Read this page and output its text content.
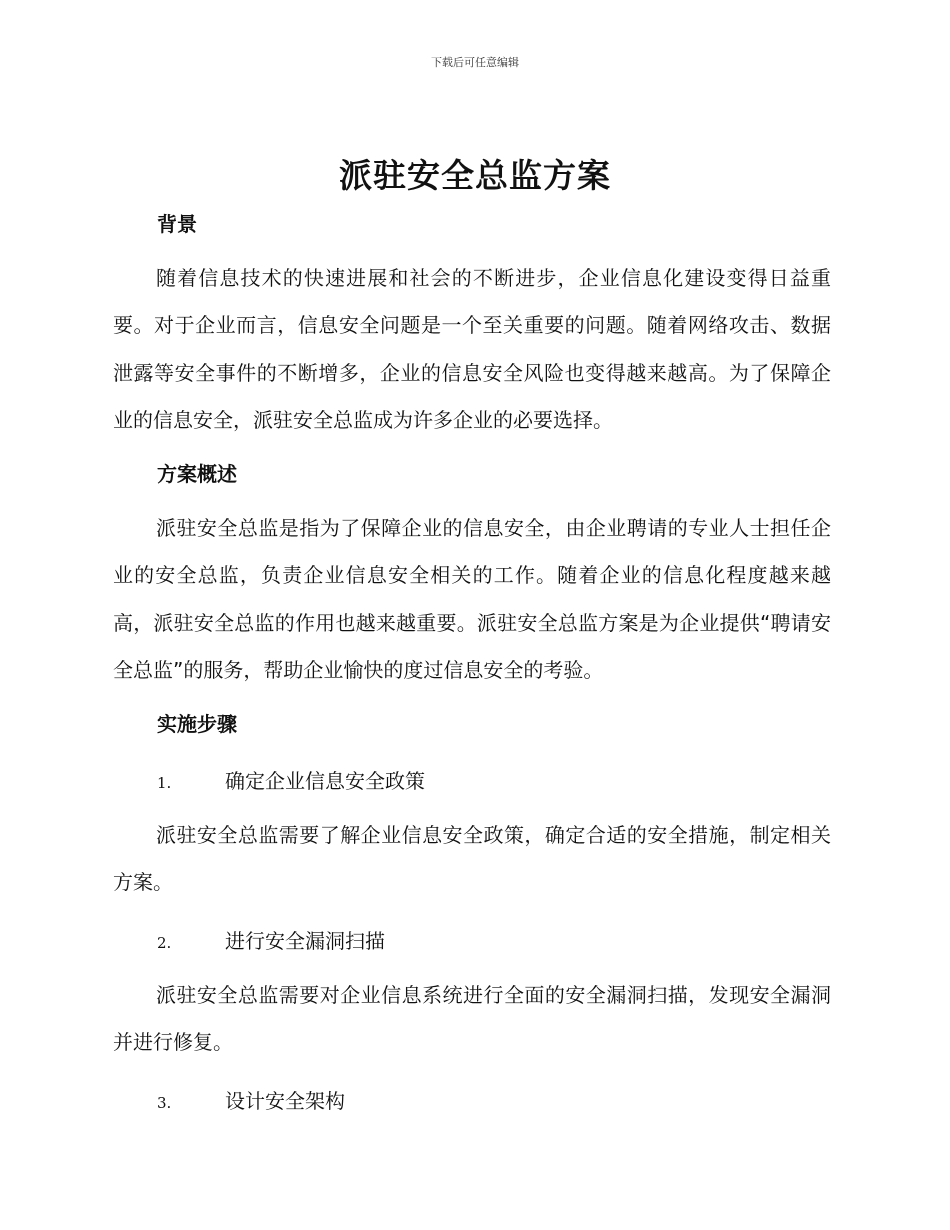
下载后可任意编辑
派驻安全总监方案
背景
随着信息技术的快速进展和社会的不断进步，企业信息化建设变得日益重要。对于企业而言，信息安全问题是一个至关重要的问题。随着网络攻击、数据泄露等安全事件的不断增多，企业的信息安全风险也变得越来越高。为了保障企业的信息安全，派驻安全总监成为许多企业的必要选择。
方案概述
派驻安全总监是指为了保障企业的信息安全，由企业聘请的专业人士担任企业的安全总监，负责企业信息安全相关的工作。随着企业的信息化程度越来越高，派驻安全总监的作用也越来越重要。派驻安全总监方案是为企业提供“聘请安全总监”的服务，帮助企业愉快的度过信息安全的考验。
实施步骤
1.	确定企业信息安全政策
派驻安全总监需要了解企业信息安全政策，确定合适的安全措施，制定相关方案。
2.	进行安全漏洞扫描
派驻安全总监需要对企业信息系统进行全面的安全漏洞扫描，发现安全漏洞并进行修复。
3.	设计安全架构
